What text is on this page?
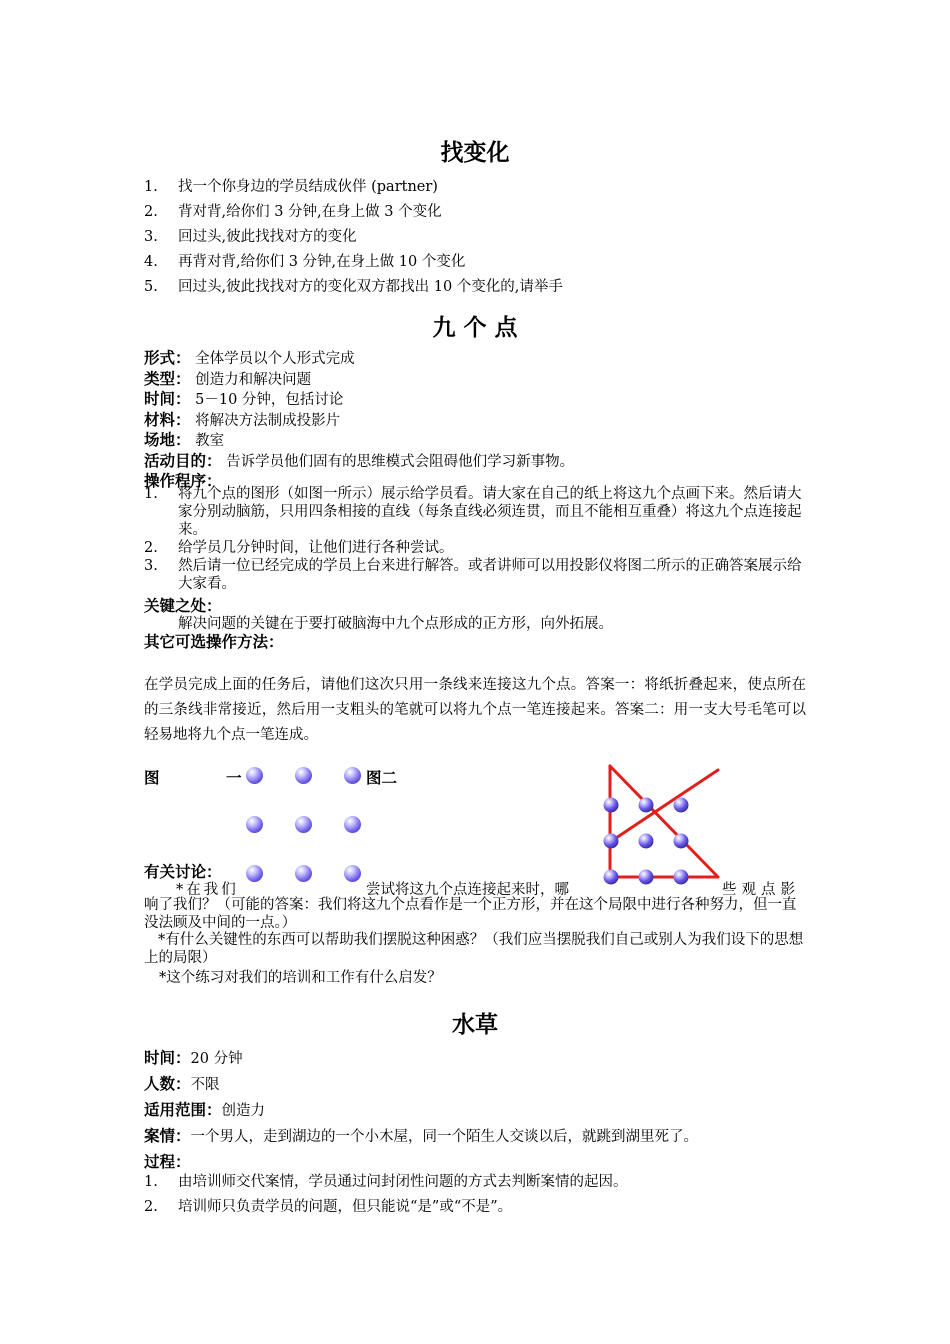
找变化
1. 找一个你身边的学员结成伙伴 (partner)
2. 背对背,给你们 3 分钟,在身上做 3 个变化
3. 回过头,彼此找找对方的变化
4. 再背对背,给你们 3 分钟,在身上做 10 个变化
5. 回过头,彼此找找对方的变化双方都找出 10 个变化的,请举手
九 个 点
形式： 全体学员以个人形式完成
类型： 创造力和解决问题
时间： 5－10 分钟，包括讨论
材料： 将解决方法制成投影片
场地： 教室
活动目的： 告诉学员他们固有的思维模式会阻碍他们学习新事物。
操作程序：
1. 将九个点的图形（如图一所示）展示给学员看。请大家在自己的纸上将这九个点画下来。然后请大家分别动脑筋，只用四条相接的直线（每条直线必须连贯，而且不能相互重叠）将这九个点连接起来。
2. 给学员几分钟时间，让他们进行各种尝试。
3. 然后请一位已经完成的学员上台来进行解答。或者讲师可以用投影仪将图二所示的正确答案展示给大家看。
关键之处：
解决问题的关键在于要打破脑海中九个点形成的正方形，向外拓展。
其它可选操作方法：
在学员完成上面的任务后，请他们这次只用一条线来连接这九个点。答案一：将纸折叠起来，使点所在的三条线非常接近，然后用一支粗头的笔就可以将九个点一笔连接起来。答案二：用一支大号毛笔可以轻易地将九个点一笔连成。
图	一	图二
有关讨论：
*在我们	尝试将这九个点连接起来时，哪	些观点影
响了我们？（可能的答案：我们将这九个点看作是一个正方形，并在这个局限中进行各种努力，但一直没法顾及中间的一点。）
*有什么关键性的东西可以帮助我们摆脱这种困惑？（我们应当摆脱我们自己或别人为我们设下的思想上的局限）
*这个练习对我们的培训和工作有什么启发？
水草
时间：20 分钟
人数：不限
适用范围：创造力
案情：一个男人，走到湖边的一个小木屋，同一个陌生人交谈以后，就跳到湖里死了。
过程：
1. 由培训师交代案情，学员通过问封闭性问题的方式去判断案情的起因。
2. 培训师只负责学员的问题，但只能说“是”或“不是”。
